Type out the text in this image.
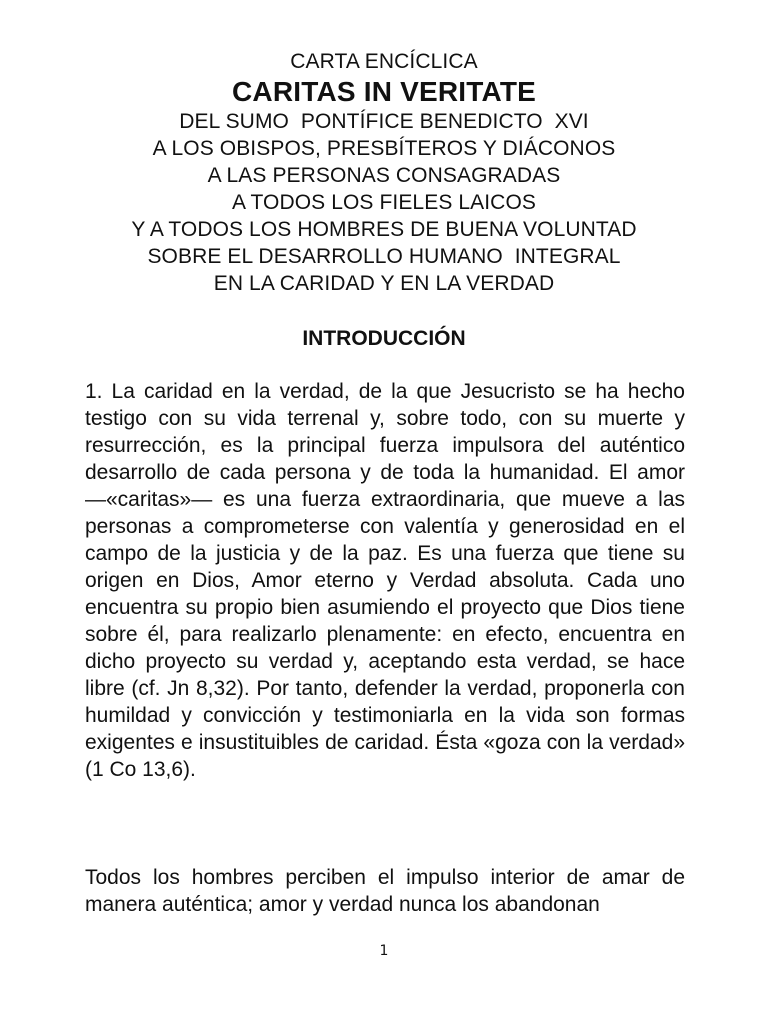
CARTA ENCÍCLICA

CARITAS IN VERITATE

DEL SUMO  PONTÍFICE BENEDICTO  XVI

A LOS OBISPOS, PRESBÍTEROS Y DIÁCONOS

A LAS PERSONAS CONSAGRADAS

A TODOS LOS FIELES LAICOS

Y A TODOS LOS HOMBRES DE BUENA VOLUNTAD

SOBRE EL DESARROLLO HUMANO  INTEGRAL

EN LA CARIDAD Y EN LA VERDAD

INTRODUCCIÓN

1. La caridad en la verdad, de la que Jesucristo se ha hecho testigo con su vida terrenal y, sobre todo, con su muerte y resurrección, es la principal fuerza impulsora del auténtico desarrollo de cada persona y de toda la humanidad. El amor —«caritas»— es una fuerza extraordinaria, que mueve a las personas a comprometerse con valentía y generosidad en el campo de la justicia y de la paz. Es una fuerza que tiene su origen en Dios, Amor eterno y Verdad absoluta. Cada uno encuentra su propio bien asumiendo el proyecto que Dios tiene sobre él, para realizarlo plenamente: en efecto, encuentra en dicho proyecto su verdad y, aceptando esta verdad, se hace libre (cf. Jn 8,32). Por tanto, defender la verdad, proponerla con humildad y convicción y testimoniarla en la vida son formas exigentes e insustituibles de caridad. Ésta «goza con la verdad» (1 Co 13,6).

Todos los hombres perciben el impulso interior de amar de manera auténtica; amor y verdad nunca los abandonan

1
